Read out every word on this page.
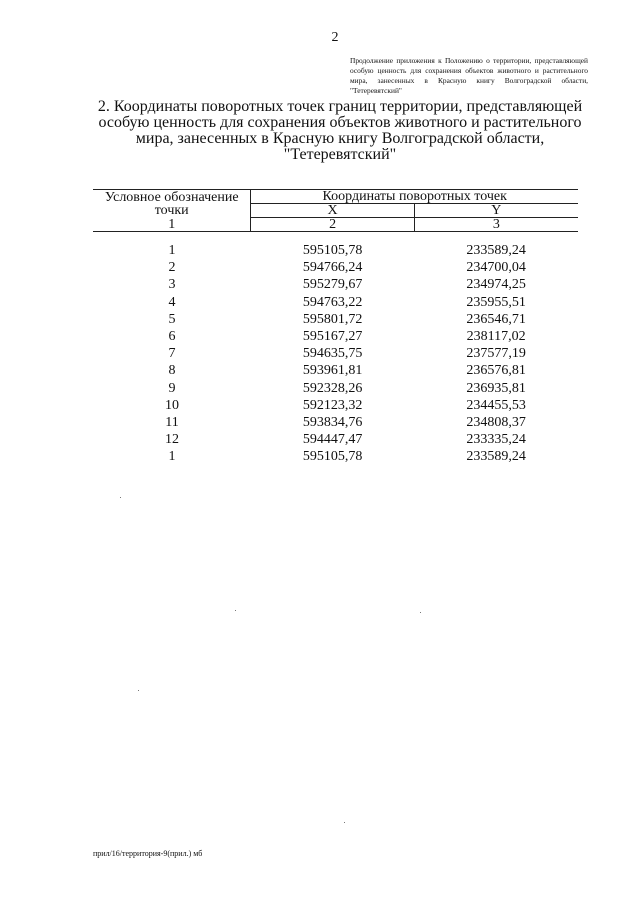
2
Продолжение приложения к Положению о территории, представляющей особую ценность для сохранения объектов животного и растительного мира, занесенных в Красную книгу Волгоградской области, "Тетеревятский"
2. Координаты поворотных точек границ территории, представляющей
особую ценность для сохранения объектов животного и растительного
мира, занесенных в Красную книгу Волгоградской области,
"Тетеревятский"
Условное обозначение точки	Координаты поворотных точек	
	X	Y
1	2	3

1	595105,78	233589,24
2	594766,24	234700,04
3	595279,67	234974,25
4	594763,22	235955,51
5	595801,72	236546,71
6	595167,27	238117,02
7	594635,75	237577,19
8	593961,81	236576,81
9	592328,26	236935,81
10	592123,32	234455,53
11	593834,76	234808,37
12	594447,47	233335,24
1	595105,78	233589,24
прил/16/территория-9(прил.) мб
